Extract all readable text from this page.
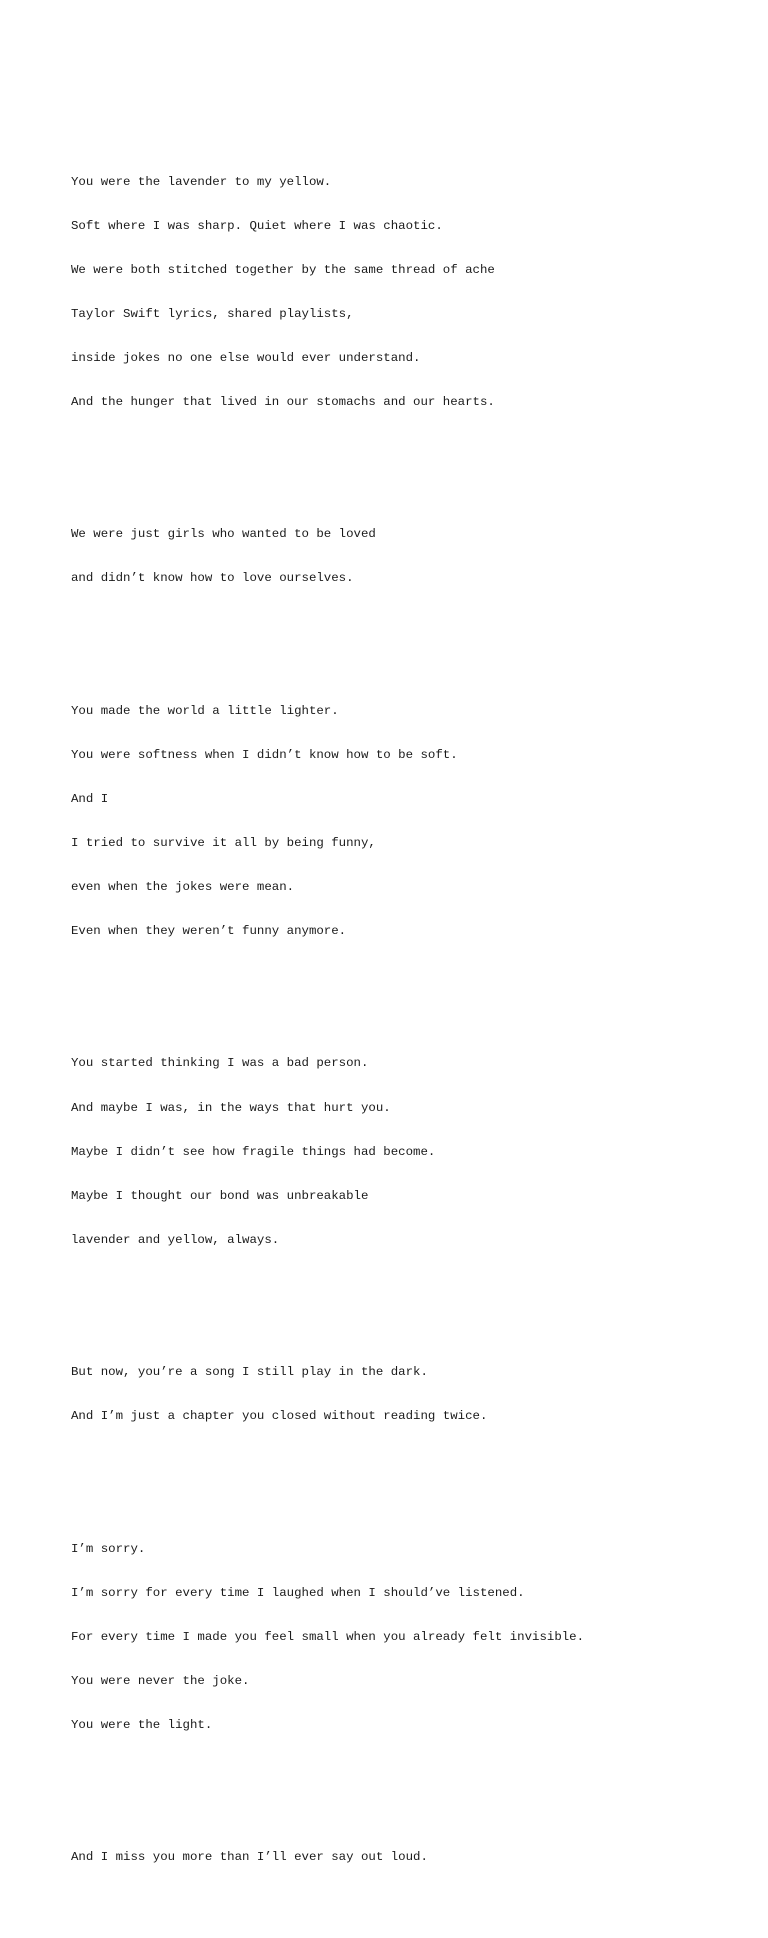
You were the lavender to my yellow.

Soft where I was sharp. Quiet where I was chaotic.

We were both stitched together by the same thread of ache

Taylor Swift lyrics, shared playlists,

inside jokes no one else would ever understand.

And the hunger that lived in our stomachs and our hearts.

We were just girls who wanted to be loved

and didn’t know how to love ourselves.

You made the world a little lighter.

You were softness when I didn’t know how to be soft.

And I

I tried to survive it all by being funny,

even when the jokes were mean.

Even when they weren’t funny anymore.

You started thinking I was a bad person.

And maybe I was, in the ways that hurt you.

Maybe I didn’t see how fragile things had become.

Maybe I thought our bond was unbreakable

lavender and yellow, always.

But now, you’re a song I still play in the dark.

And I’m just a chapter you closed without reading twice.

I’m sorry.

I’m sorry for every time I laughed when I should’ve listened.

For every time I made you feel small when you already felt invisible.

You were never the joke.

You were the light.

And I miss you more than I’ll ever say out loud.
